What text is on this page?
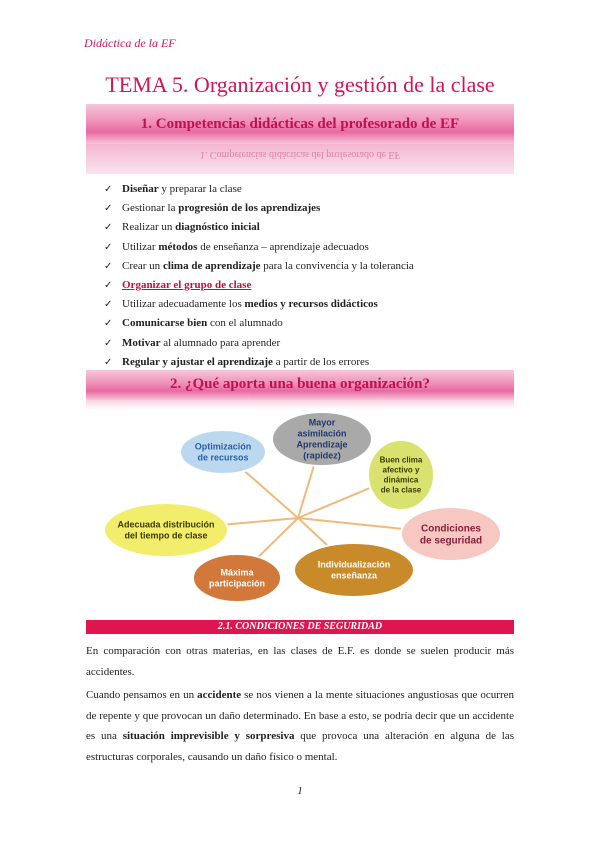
Didáctica de la EF
TEMA 5. Organización y gestión de la clase
1. Competencias didácticas del profesorado de EF
1. Competencias didácticas del profesorado de EF
✓ Diseñar y preparar la clase
✓ Gestionar la progresión de los aprendizajes
✓ Realizar un diagnóstico inicial
✓ Utilizar métodos de enseñanza – aprendizaje adecuados
✓ Crear un clima de aprendizaje para la convivencia y la tolerancia
✓ Organizar el grupo de clase
✓ Utilizar adecuadamente los medios y recursos didácticos
✓ Comunicarse bien con el alumnado
✓ Motivar al alumnado para aprender
✓ Regular y ajustar el aprendizaje a partir de los errores
2. ¿Qué aporta una buena organización?
Mayor
asimilación
Aprendizaje
(rapidez)	Buen clima
afectivo y
dinámica
de la clase
Condiciones
de seguridad
Individualización
enseñanza
Máxima
participación
Adecuada distribución
del tiempo de clase
Optimización
de recursos
2.1. CONDICIONES DE SEGURIDAD
En comparación con otras materias, en las clases de E.F. es donde se suelen producir más accidentes.
Cuando pensamos en un accidente se nos vienen a la mente situaciones angustiosas que ocurren de repente y que provocan un daño determinado. En base a esto, se podría decir que un accidente es una situación imprevisible y sorpresiva que provoca una alteración en alguna de las estructuras corporales, causando un daño físico o mental.
1
